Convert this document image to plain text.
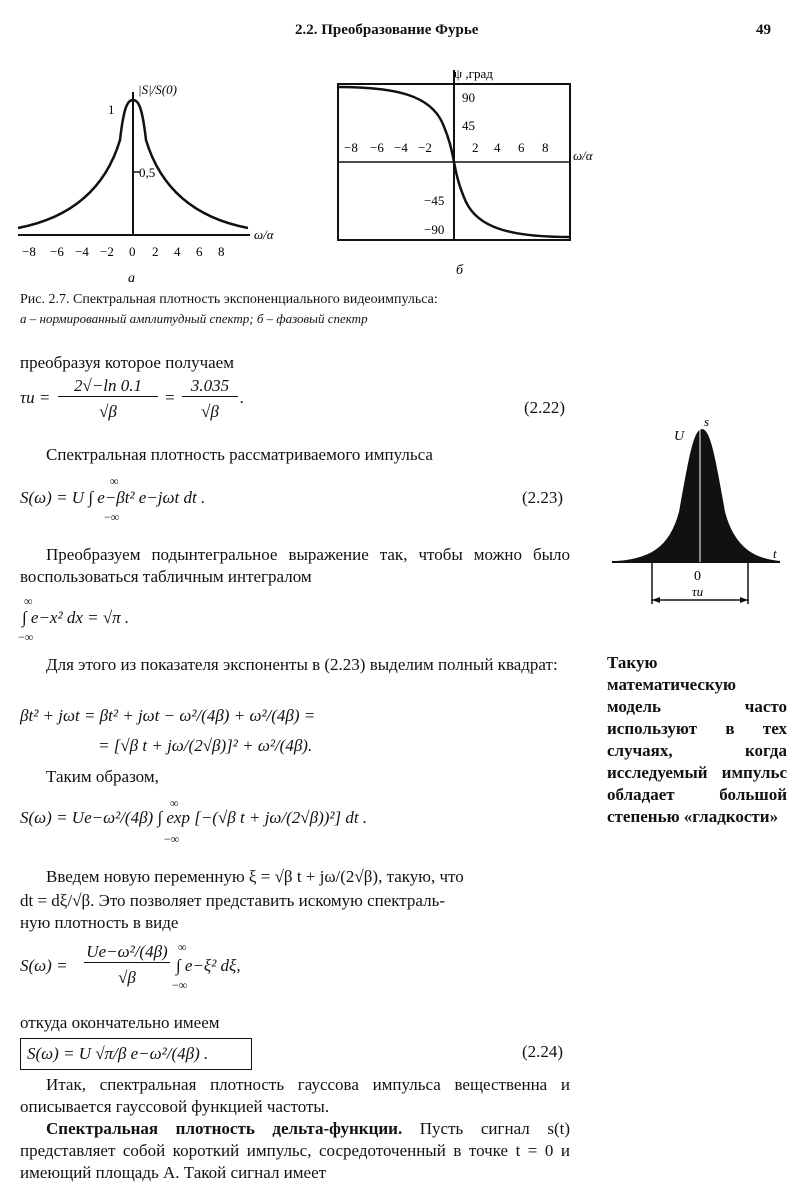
2.2. Преобразование Фурье	49
|S|/S(0)
1
0,5
ω/α
−8 −6 −4 −2 0 2 4 6 8
а
ψ ,град
90
45
−45
−90
−8 −6 −4 −2	2 4 6 8
ω/α
б
Рис. 2.7. Спектральная плотность экспоненциального видеоимпульса:
а – нормированный амплитудный спектр; б – фазовый спектр
преобразуя которое получаем
τи =
2√−ln 0.1
√β
=
3.035
√β
.
(2.22)
Спектральная плотность рассматриваемого импульса
∞
S(ω) = U ∫ e−βt² e−jωt dt .
−∞
(2.23)
Преобразуем подынтегральное выражение так, чтобы можно было воспользоваться табличным интегралом
∞
∫ e−x² dx = √π .
−∞
Для этого из показателя экспоненты в (2.23) выделим полный квадрат:
βt² + jωt = βt² + jωt − ω²/(4β) + ω²/(4β) =
= [√β t + jω/(2√β)]² + ω²/(4β).
Таким образом,
∞
S(ω) = Ue−ω²/(4β) ∫ exp [−(√β t + jω/(2√β))²] dt .
−∞
Введем новую переменную ξ = √β t + jω/(2√β), такую, что
dt = dξ/√β. Это позволяет представить искомую спектраль-
ную плотность в виде
S(ω) =
Ue−ω²/(4β)
√β
∞
∫ e−ξ² dξ,
−∞
откуда окончательно имеем
S(ω) = U √π/β e−ω²/(4β) .	(2.24)
Итак, спектральная плотность гауссова импульса вещественна и описывается гауссовой функцией частоты.
Спектральная плотность дельта-функции. Пусть сигнал s(t) представляет собой короткий импульс, сосредоточенный в точке t = 0 и имеющий площадь A. Такой сигнал имеет
s
U
t
0
τи
Такую математическую модель часто используют в тех случаях, когда исследуемый импульс обладает большой степенью «гладкости»
